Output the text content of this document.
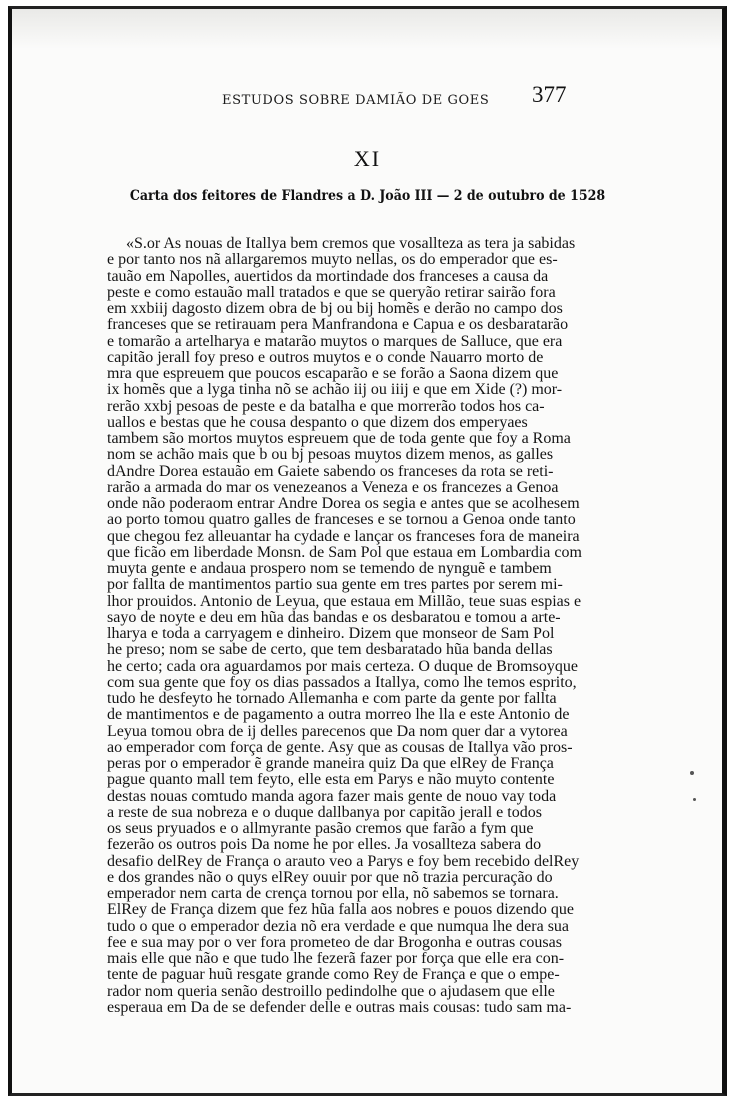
ESTUDOS SOBRE DAMIÃO DE GOES 377
XI
Carta dos feitores de Flandres a D. João III — 2 de outubro de 1528
«S.or As nouas de Itallya bem cremos que vosallteza as tera ja sabidas
e por tanto nos nã allargaremos muyto nellas, os do emperador que es-
tauão em Napolles, auertidos da mortindade dos franceses a causa da
peste e como estauão mall tratados e que se queryão retirar sairão fora
em xxbiij dagosto dizem obra de bj ou bij homẽs e derão no campo dos
franceses que se retirauam pera Manfrandona e Capua e os desbaratarão
e tomarão a artelharya e matarão muytos o marques de Salluce, que era
capitão jerall foy preso e outros muytos e o conde Nauarro morto de
mra que espreuem que poucos escaparão e se forão a Saona dizem que
ix homẽs que a lyga tinha nõ se achão iij ou iiij e que em Xide (?) mor-
rerão xxbj pesoas de peste e da batalha e que morrerão todos hos ca-
uallos e bestas que he cousa despanto o que dizem dos emperyaes
tambem são mortos muytos espreuem que de toda gente que foy a Roma
nom se achão mais que b ou bj pesoas muytos dizem menos, as galles
dAndre Dorea estauão em Gaiete sabendo os franceses da rota se reti-
rarão a armada do mar os venezeanos a Veneza e os francezes a Genoa
onde não poderaom entrar Andre Dorea os segia e antes que se acolhesem
ao porto tomou quatro galles de franceses e se tornou a Genoa onde tanto
que chegou fez alleuantar ha cydade e lançar os franceses fora de maneira
que ficão em liberdade Monsn. de Sam Pol que estaua em Lombardia com
muyta gente e andaua prospero nom se temendo de nynguẽ e tambem
por fallta de mantimentos partio sua gente em tres partes por serem mi-
lhor prouidos. Antonio de Leyua, que estaua em Millão, teue suas espias e
sayo de noyte e deu em hũa das bandas e os desbaratou e tomou a arte-
lharya e toda a carryagem e dinheiro. Dizem que monseor de Sam Pol
he preso; nom se sabe de certo, que tem desbaratado hũa banda dellas
he certo; cada ora aguardamos por mais certeza. O duque de Bromsoyque
com sua gente que foy os dias passados a Itallya, como lhe temos esprito,
tudo he desfeyto he tornado Allemanha e com parte da gente por fallta
de mantimentos e de pagamento a outra morreo lhe lla e este Antonio de
Leyua tomou obra de ij delles parecenos que Da nom quer dar a vytorea
ao emperador com força de gente. Asy que as cousas de Itallya vão pros-
peras por o emperador ẽ grande maneira quiz Da que elRey de França
pague quanto mall tem feyto, elle esta em Parys e não muyto contente
destas nouas comtudo manda agora fazer mais gente de nouo vay toda
a reste de sua nobreza e o duque dallbanya por capitão jerall e todos
os seus pryuados e o allmyrante pasão cremos que farão a fym que
fezerão os outros pois Da nome he por elles. Ja vosallteza sabera do
desafio delRey de França o arauto veo a Parys e foy bem recebido delRey
e dos grandes não o quys elRey ouuir por que nõ trazia percuração do
emperador nem carta de crença tornou por ella, nõ sabemos se tornara.
ElRey de França dizem que fez hũa falla aos nobres e pouos dizendo que
tudo o que o emperador dezia nõ era verdade e que numqua lhe dera sua
fee e sua may por o ver fora prometeo de dar Brogonha e outras cousas
mais elle que não e que tudo lhe fezerã fazer por força que elle era con-
tente de paguar huũ resgate grande como Rey de França e que o empe-
rador nom queria senão destroillo pedindolhe que o ajudasem que elle
esperaua em Da de se defender delle e outras mais cousas: tudo sam ma-
